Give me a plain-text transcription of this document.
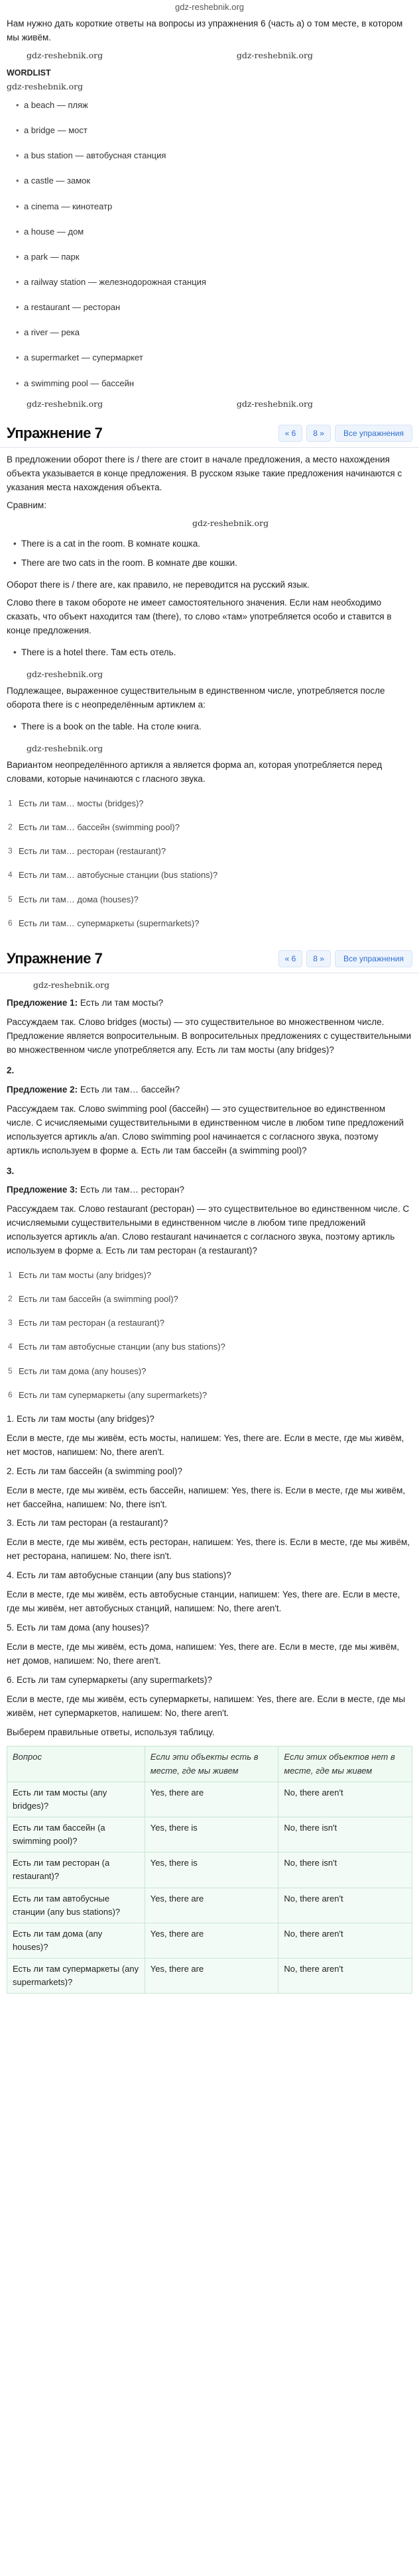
gdz-reshebnik.org

Нам нужно дать короткие ответы на вопросы из упражнения 6 (часть а) о том месте, в котором мы живём.

gdz-reshebnik.org	gdz-reshebnik.org
WORDLIST
gdz-reshebnik.org
• a beach — пляж
• a bridge — мост
• a bus station — автобусная станция
• a castle — замок
• a cinema — кинотеатр
• a house — дом
• a park — парк
• a railway station — железнодорожная станция
• a restaurant — ресторан
• a river — река
• a supermarket — супермаркет
• a swimming pool — бассейн
gdz-reshebnik.org	gdz-reshebnik.org
Упражнение 7	« 6	8 »	Все упражнения

В предложении оборот there is / there are стоит в начале предложения, а место нахождения объекта указывается в конце предложения. В русском языке такие предложения начинаются с указания места нахождения объекта.

Сравним:

gdz-reshebnik.org
• There is a cat in the room. В комнате кошка.
• There are two cats in the room. В комнате две кошки.

Оборот there is / there are, как правило, не переводится на русский язык.

Слово there в таком обороте не имеет самостоятельного значения. Если нам необходимо сказать, что объект находится там (there), то слово «там» употребляется особо и ставится в конце предложения.

• There is a hotel there. Там есть отель.
gdz-reshebnik.org

Подлежащее, выраженное существительным в единственном числе, употребляется после оборота there is с неопределённым артиклем a:

• There is a book on the table. На столе книга.
gdz-reshebnik.org

Вариантом неопределённого артикля a является форма an, которая употребляется перед словами, которые начинаются с гласного звука.

1 Есть ли там… мосты (bridges)?
2 Есть ли там… бассейн (swimming pool)?
3 Есть ли там… ресторан (restaurant)?
4 Есть ли там… автобусные станции (bus stations)?
5 Есть ли там… дома (houses)?
6 Есть ли там… супермаркеты (supermarkets)?
Упражнение 7	« 6	8 »	Все упражнения
gdz-reshebnik.org

Предложение 1: Есть ли там мосты?

Рассуждаем так. Слово bridges (мосты) — это существительное во множественном числе. Предложение является вопросительным. В вопросительных предложениях с существительными во множественном числе употребляется any. Есть ли там мосты (any bridges)?

2.

Предложение 2: Есть ли там… бассейн?

Рассуждаем так. Слово swimming pool (бассейн) — это существительное во единственном числе. С исчисляемыми существительными в единственном числе в любом типе предложений используется артикль a/an. Слово swimming pool начинается с согласного звука, поэтому артикль используем в форме a. Есть ли там бассейн (a swimming pool)?

3.

Предложение 3: Есть ли там… ресторан?

Рассуждаем так. Слово restaurant (ресторан) — это существительное во единственном числе. С исчисляемыми существительными в единственном числе в любом типе предложений используется артикль a/an. Слово restaurant начинается с согласного звука, поэтому артикль используем в форме a. Есть ли там ресторан (a restaurant)?

1 Есть ли там мосты (any bridges)?
2 Есть ли там бассейн (a swimming pool)?
3 Есть ли там ресторан (a restaurant)?
4 Есть ли там автобусные станции (any bus stations)?
5 Есть ли там дома (any houses)?
6 Есть ли там супермаркеты (any supermarkets)?

1. Есть ли там мосты (any bridges)?

Если в месте, где мы живём, есть мосты, напишем: Yes, there are. Если в месте, где мы живём, нет мостов, напишем: No, there aren't.

2. Есть ли там бассейн (a swimming pool)?

Если в месте, где мы живём, есть бассейн, напишем: Yes, there is. Если в месте, где мы живём, нет бассейна, напишем: No, there isn't.

3. Есть ли там ресторан (a restaurant)?

Если в месте, где мы живём, есть ресторан, напишем: Yes, there is. Если в месте, где мы живём, нет ресторана, напишем: No, there isn't.

4. Есть ли там автобусные станции (any bus stations)?

Если в месте, где мы живём, есть автобусные станции, напишем: Yes, there are. Если в месте, где мы живём, нет автобусных станций, напишем: No, there aren't.

5. Есть ли там дома (any houses)?

Если в месте, где мы живём, есть дома, напишем: Yes, there are. Если в месте, где мы живём, нет домов, напишем: No, there aren't.

6. Есть ли там супермаркеты (any supermarkets)?

Если в месте, где мы живём, есть супермаркеты, напишем: Yes, there are. Если в месте, где мы живём, нет супермаркетов, напишем: No, there aren't.

Выберем правильные ответы, используя таблицу.

Вопрос	Если эти объекты есть в месте, где мы живем	Если этих объектов нет в месте, где мы живем
Есть ли там мосты (any bridges)?	Yes, there are	No, there aren't
Есть ли там бассейн (a swimming pool)?	Yes, there is	No, there isn't
Есть ли там ресторан (a restaurant)?	Yes, there is	No, there isn't
Есть ли там автобусные станции (any bus stations)?	Yes, there are	No, there aren't
Есть ли там дома (any houses)?	Yes, there are	No, there aren't
Есть ли там супермаркеты (any supermarkets)?	Yes, there are	No, there aren't
